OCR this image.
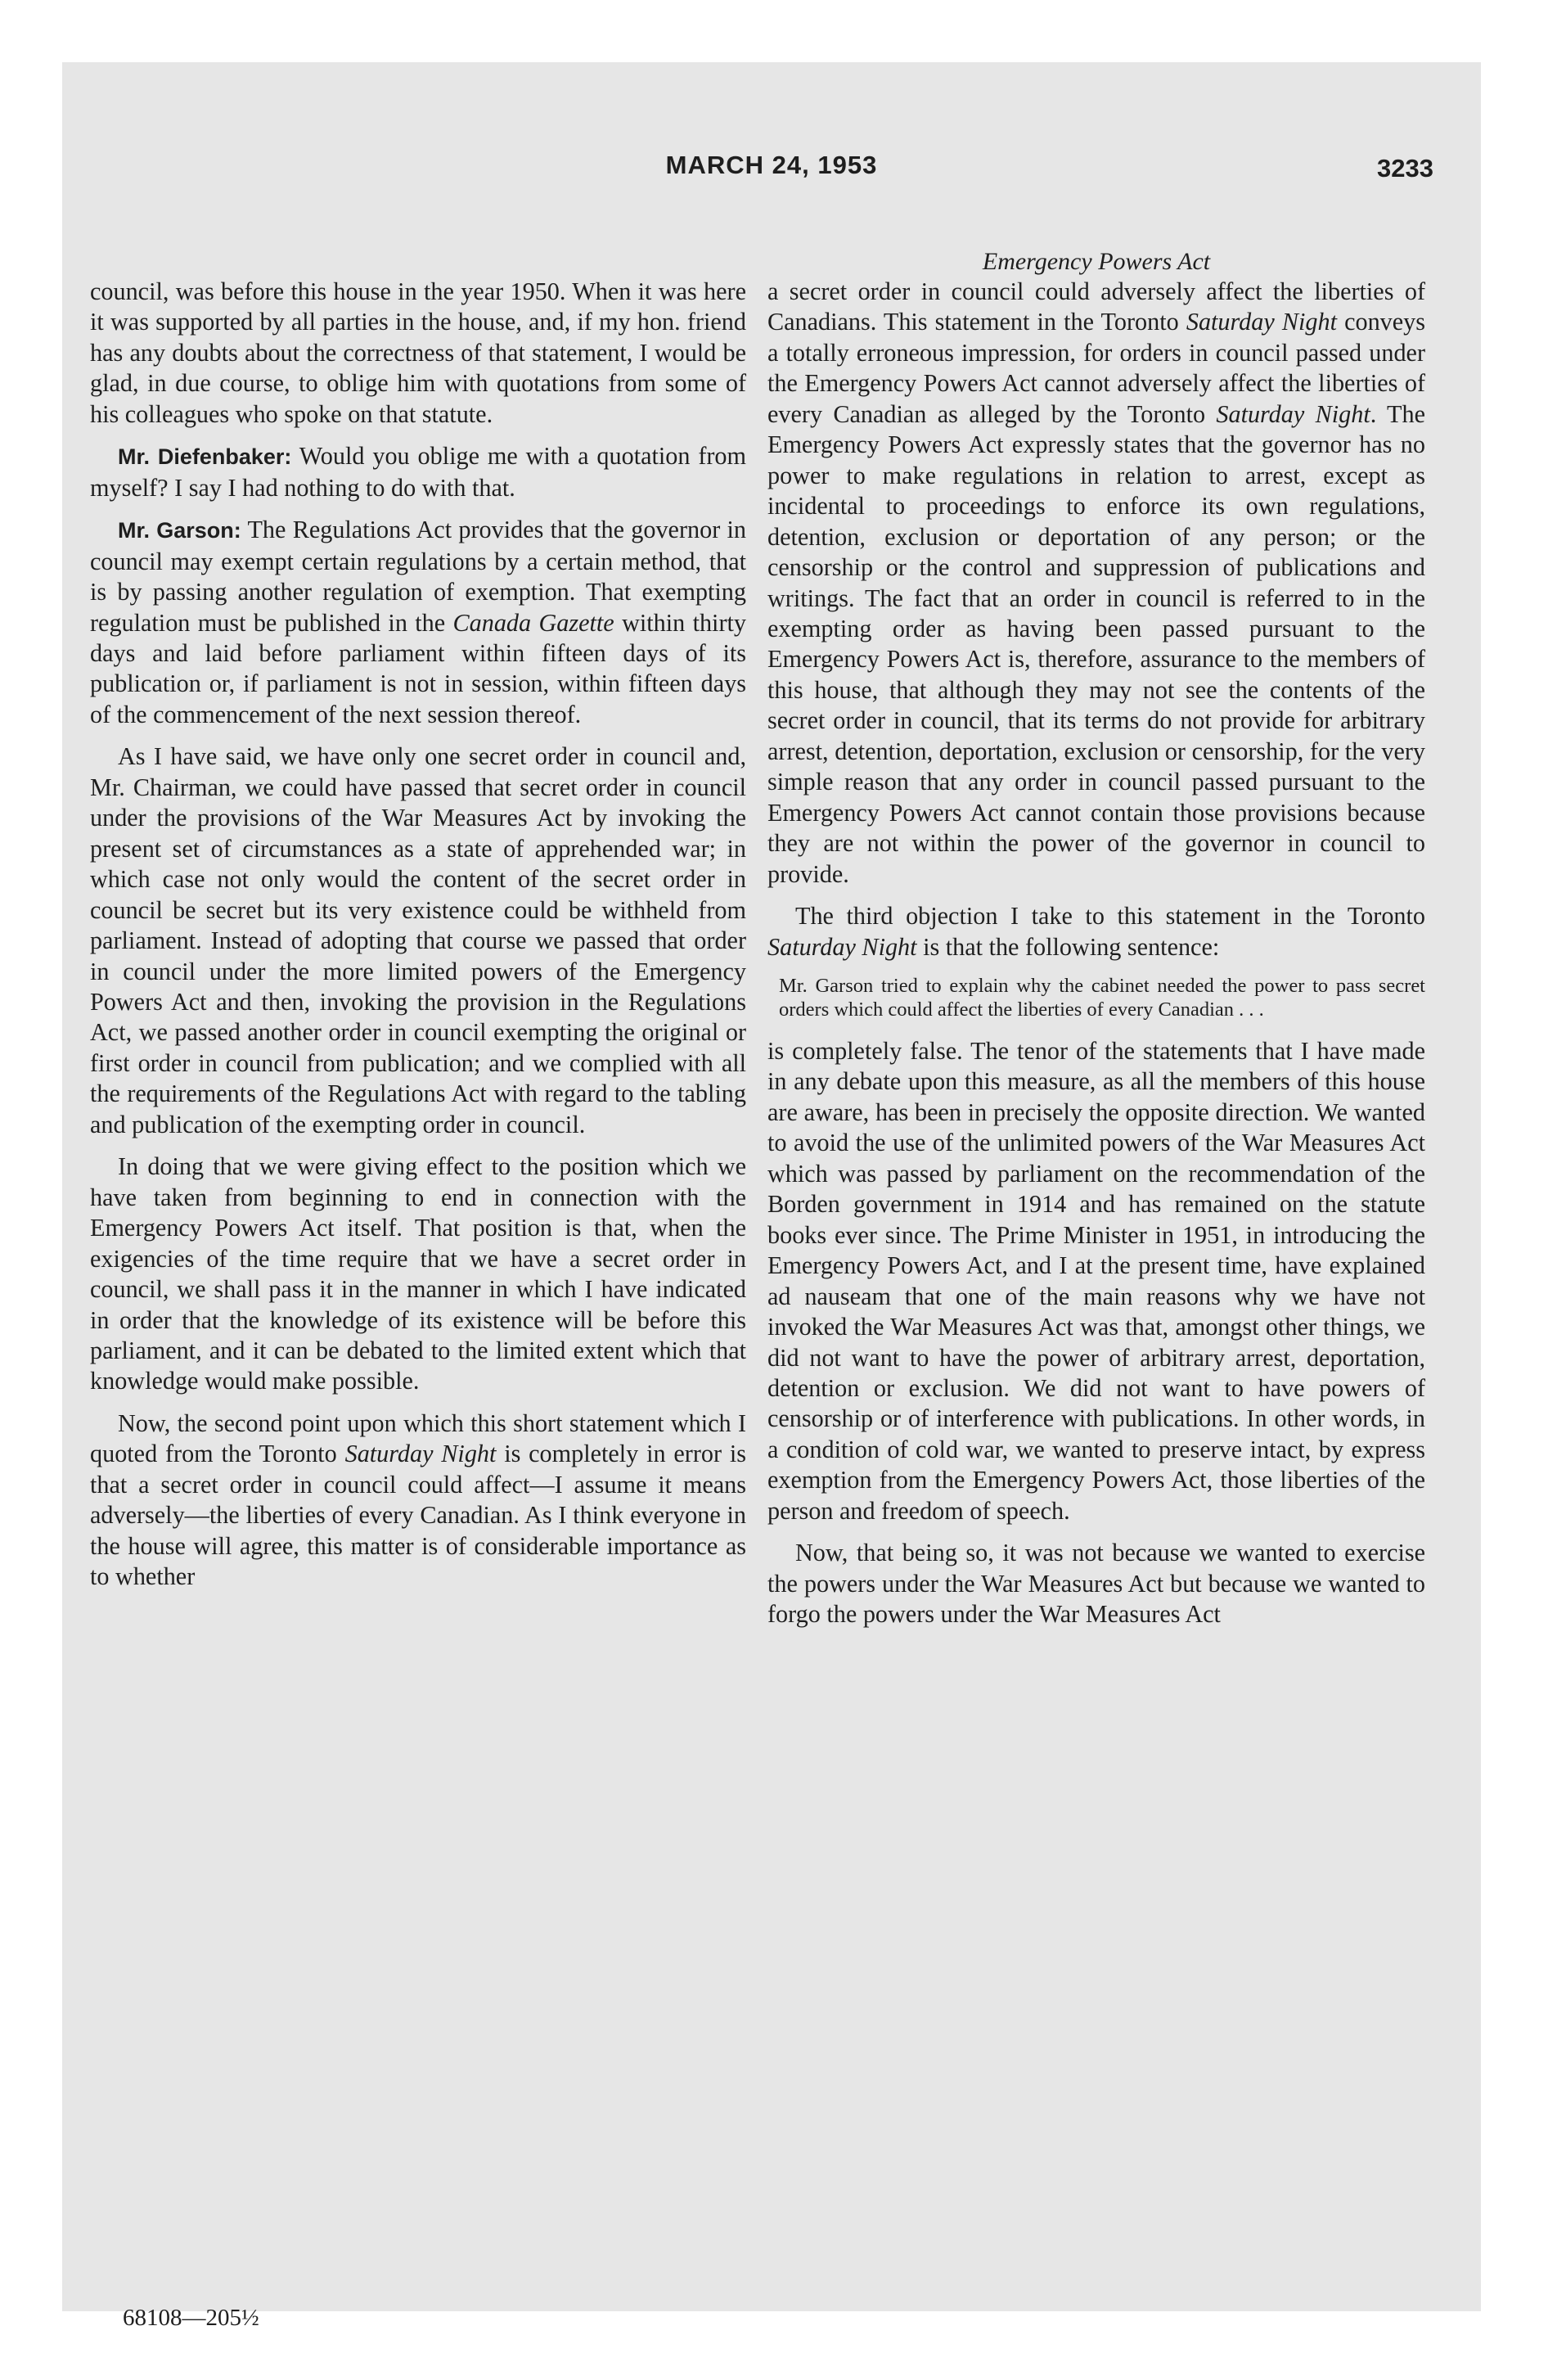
MARCH 24, 1953	3233

council, was before this house in the year 1950. When it was here it was supported by all parties in the house, and, if my hon. friend has any doubts about the correctness of that statement, I would be glad, in due course, to oblige him with quotations from some of his colleagues who spoke on that statute.

Mr. Diefenbaker: Would you oblige me with a quotation from myself? I say I had nothing to do with that.

Mr. Garson: The Regulations Act provides that the governor in council may exempt certain regulations by a certain method, that is by passing another regulation of exemption. That exempting regulation must be published in the Canada Gazette within thirty days and laid before parliament within fifteen days of its publication or, if parliament is not in session, within fifteen days of the commencement of the next session thereof.

As I have said, we have only one secret order in council and, Mr. Chairman, we could have passed that secret order in council under the provisions of the War Measures Act by invoking the present set of circumstances as a state of apprehended war; in which case not only would the content of the secret order in council be secret but its very existence could be withheld from parliament. Instead of adopting that course we passed that order in council under the more limited powers of the Emergency Powers Act and then, invoking the provision in the Regulations Act, we passed another order in council exempting the original or first order in council from publication; and we complied with all the requirements of the Regulations Act with regard to the tabling and publication of the exempting order in council.

In doing that we were giving effect to the position which we have taken from beginning to end in connection with the Emergency Powers Act itself. That position is that, when the exigencies of the time require that we have a secret order in council, we shall pass it in the manner in which I have indicated in order that the knowledge of its existence will be before this parliament, and it can be debated to the limited extent which that knowledge would make possible.

Now, the second point upon which this short statement which I quoted from the Toronto Saturday Night is completely in error is that a secret order in council could affect—I assume it means adversely—the liberties of every Canadian. As I think everyone in the house will agree, this matter is of considerable importance as to whether

Emergency Powers Act

a secret order in council could adversely affect the liberties of Canadians. This statement in the Toronto Saturday Night conveys a totally erroneous impression, for orders in council passed under the Emergency Powers Act cannot adversely affect the liberties of every Canadian as alleged by the Toronto Saturday Night. The Emergency Powers Act expressly states that the governor has no power to make regulations in relation to arrest, except as incidental to proceedings to enforce its own regulations, detention, exclusion or deportation of any person; or the censorship or the control and suppression of publications and writings. The fact that an order in council is referred to in the exempting order as having been passed pursuant to the Emergency Powers Act is, therefore, assurance to the members of this house, that although they may not see the contents of the secret order in council, that its terms do not provide for arbitrary arrest, detention, deportation, exclusion or censorship, for the very simple reason that any order in council passed pursuant to the Emergency Powers Act cannot contain those provisions because they are not within the power of the governor in council to provide.

The third objection I take to this statement in the Toronto Saturday Night is that the following sentence:

Mr. Garson tried to explain why the cabinet needed the power to pass secret orders which could affect the liberties of every Canadian . . .

is completely false. The tenor of the statements that I have made in any debate upon this measure, as all the members of this house are aware, has been in precisely the opposite direction. We wanted to avoid the use of the unlimited powers of the War Measures Act which was passed by parliament on the recommendation of the Borden government in 1914 and has remained on the statute books ever since. The Prime Minister in 1951, in introducing the Emergency Powers Act, and I at the present time, have explained ad nauseam that one of the main reasons why we have not invoked the War Measures Act was that, amongst other things, we did not want to have the power of arbitrary arrest, deportation, detention or exclusion. We did not want to have powers of censorship or of interference with publications. In other words, in a condition of cold war, we wanted to preserve intact, by express exemption from the Emergency Powers Act, those liberties of the person and freedom of speech.

Now, that being so, it was not because we wanted to exercise the powers under the War Measures Act but because we wanted to forgo the powers under the War Measures Act

68108—205½
